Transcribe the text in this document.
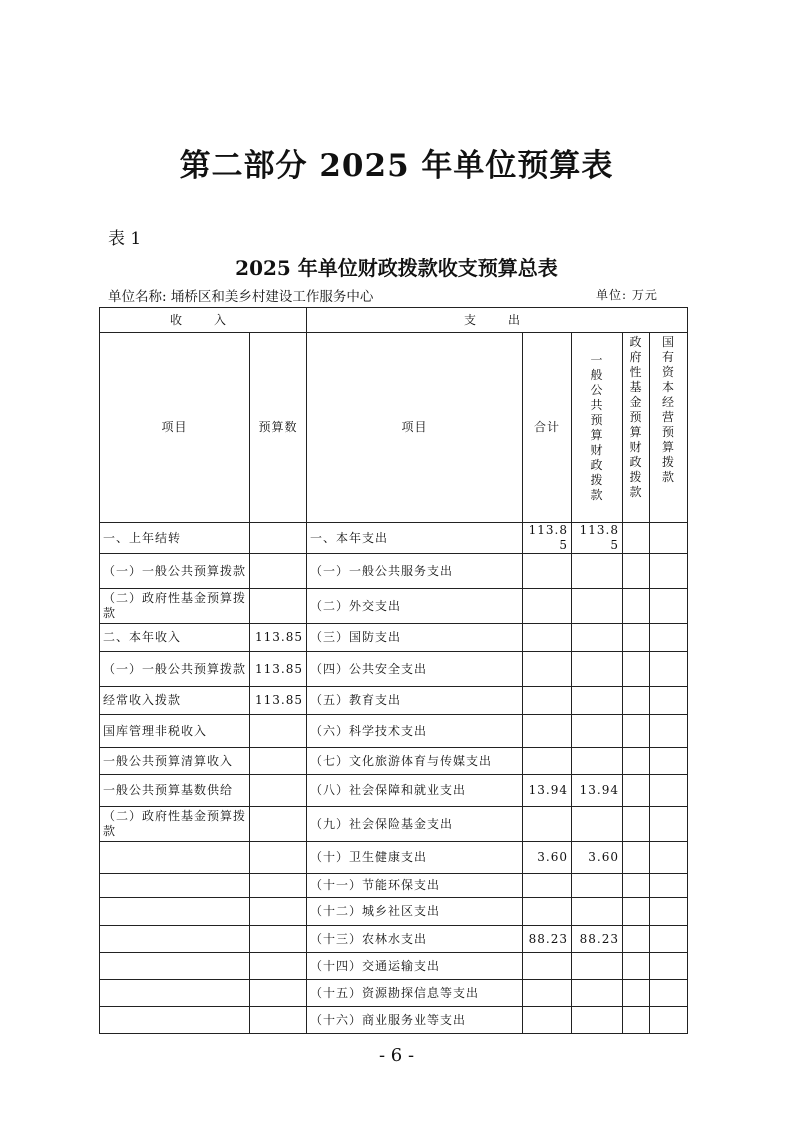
第二部分 2025 年单位预算表
表 1
2025 年单位财政拨款收支预算总表
单位名称: 埇桥区和美乡村建设工作服务中心	单位: 万元
收　入		支　出				
项目	预算数	项目	合计	一般公共预算财政拨款	政府性基金预算财政拨款	国有资本经营预算拨款
一、上年结转		一、本年支出	113.85	113.85		
（一）一般公共预算拨款		（一）一般公共服务支出				
（二）政府性基金预算拨款		（二）外交支出				
二、本年收入	113.85	（三）国防支出				
（一）一般公共预算拨款	113.85	（四）公共安全支出				
经常收入拨款	113.85	（五）教育支出				
国库管理非税收入		（六）科学技术支出				
一般公共预算清算收入		（七）文化旅游体育与传媒支出				
一般公共预算基数供给		（八）社会保障和就业支出	13.94	13.94		
（二）政府性基金预算拨款		（九）社会保险基金支出				
		（十）卫生健康支出	3.60	3.60		
		（十一）节能环保支出				
		（十二）城乡社区支出				
		（十三）农林水支出	88.23	88.23		
		（十四）交通运输支出				
		（十五）资源勘探信息等支出				
		（十六）商业服务业等支出				
- 6 -
